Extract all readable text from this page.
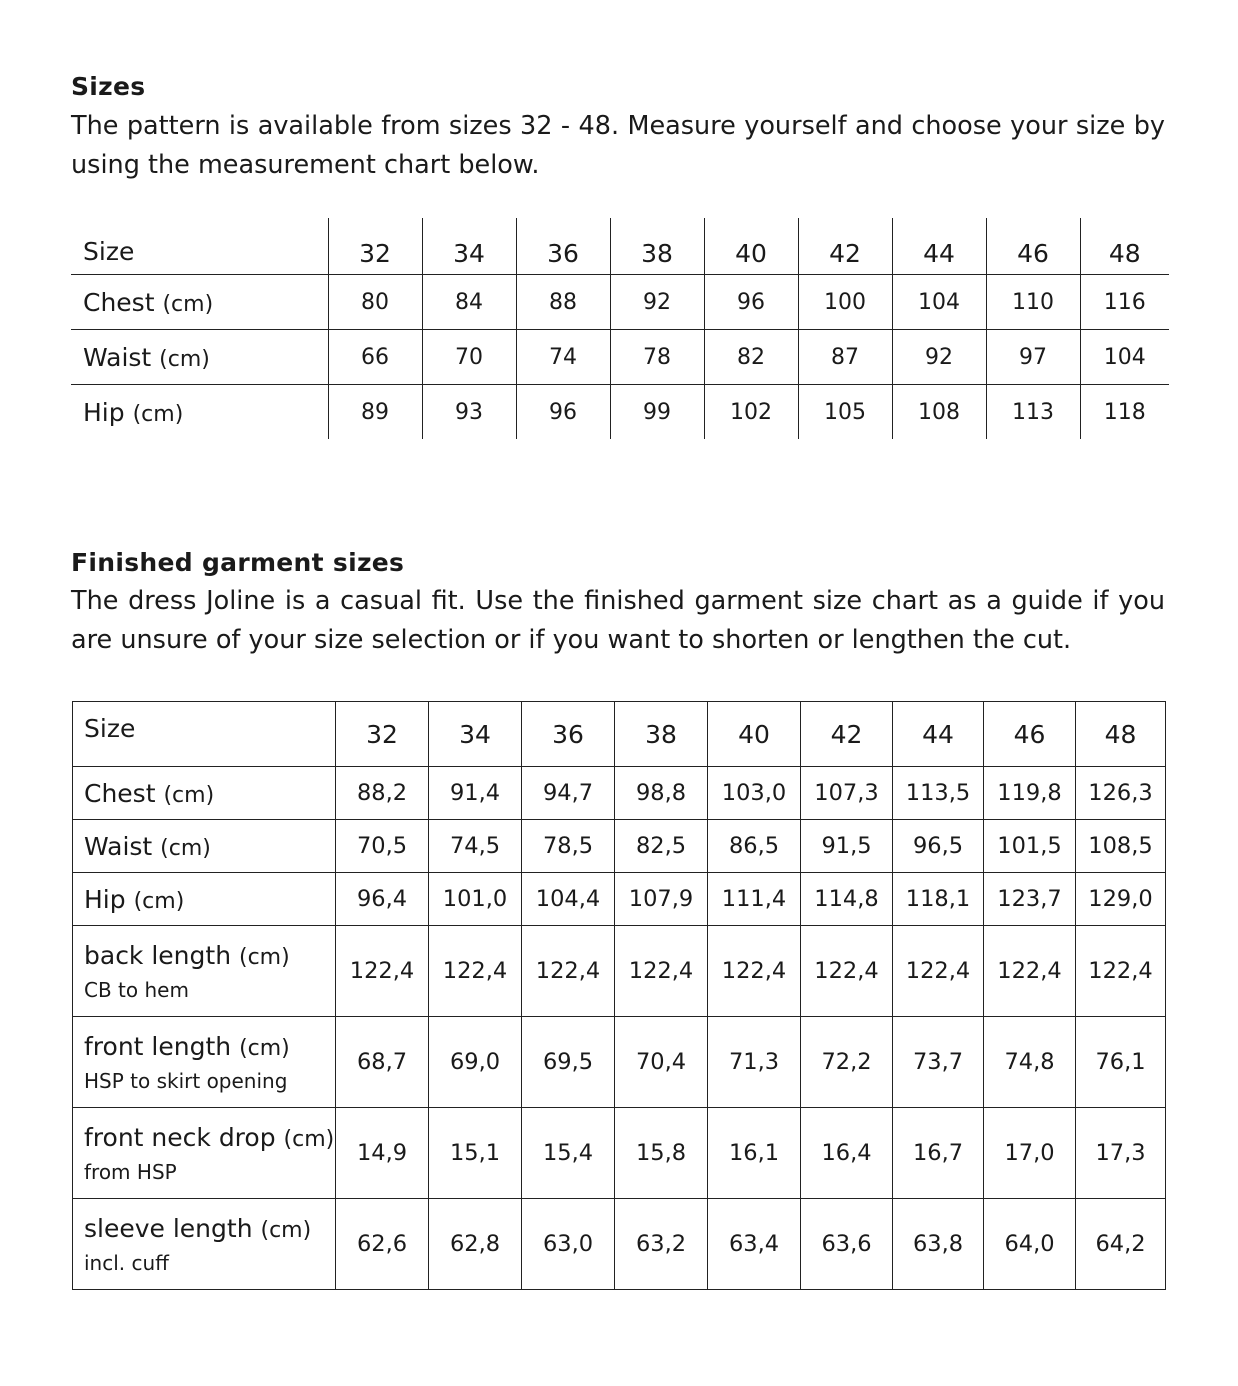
Sizes

The pattern is available from sizes 32 - 48. Measure yourself and choose your size by using the measurement chart below.

Size	32	34	36	38	40	42	44	46	48
Chest (cm)	80	84	88	92	96	100	104	110	116
Waist (cm)	66	70	74	78	82	87	92	97	104
Hip (cm)	89	93	96	99	102	105	108	113	118
Finished garment sizes

The dress Joline is a casual fit. Use the finished garment size chart as a guide if you are unsure of your size selection or if you want to shorten or lengthen the cut.

Size	32	34	36	38	40	42	44	46	48
Chest (cm)	88,2	91,4	94,7	98,8	103,0	107,3	113,5	119,8	126,3
Waist (cm)	70,5	74,5	78,5	82,5	86,5	91,5	96,5	101,5	108,5
Hip (cm)	96,4	101,0	104,4	107,9	111,4	114,8	118,1	123,7	129,0
back length (cm)
CB to hem	122,4	122,4	122,4	122,4	122,4	122,4	122,4	122,4	122,4
front length (cm)
HSP to skirt opening	68,7	69,0	69,5	70,4	71,3	72,2	73,7	74,8	76,1
front neck drop (cm)
from HSP	14,9	15,1	15,4	15,8	16,1	16,4	16,7	17,0	17,3
sleeve length (cm)
incl. cuff	62,6	62,8	63,0	63,2	63,4	63,6	63,8	64,0	64,2
